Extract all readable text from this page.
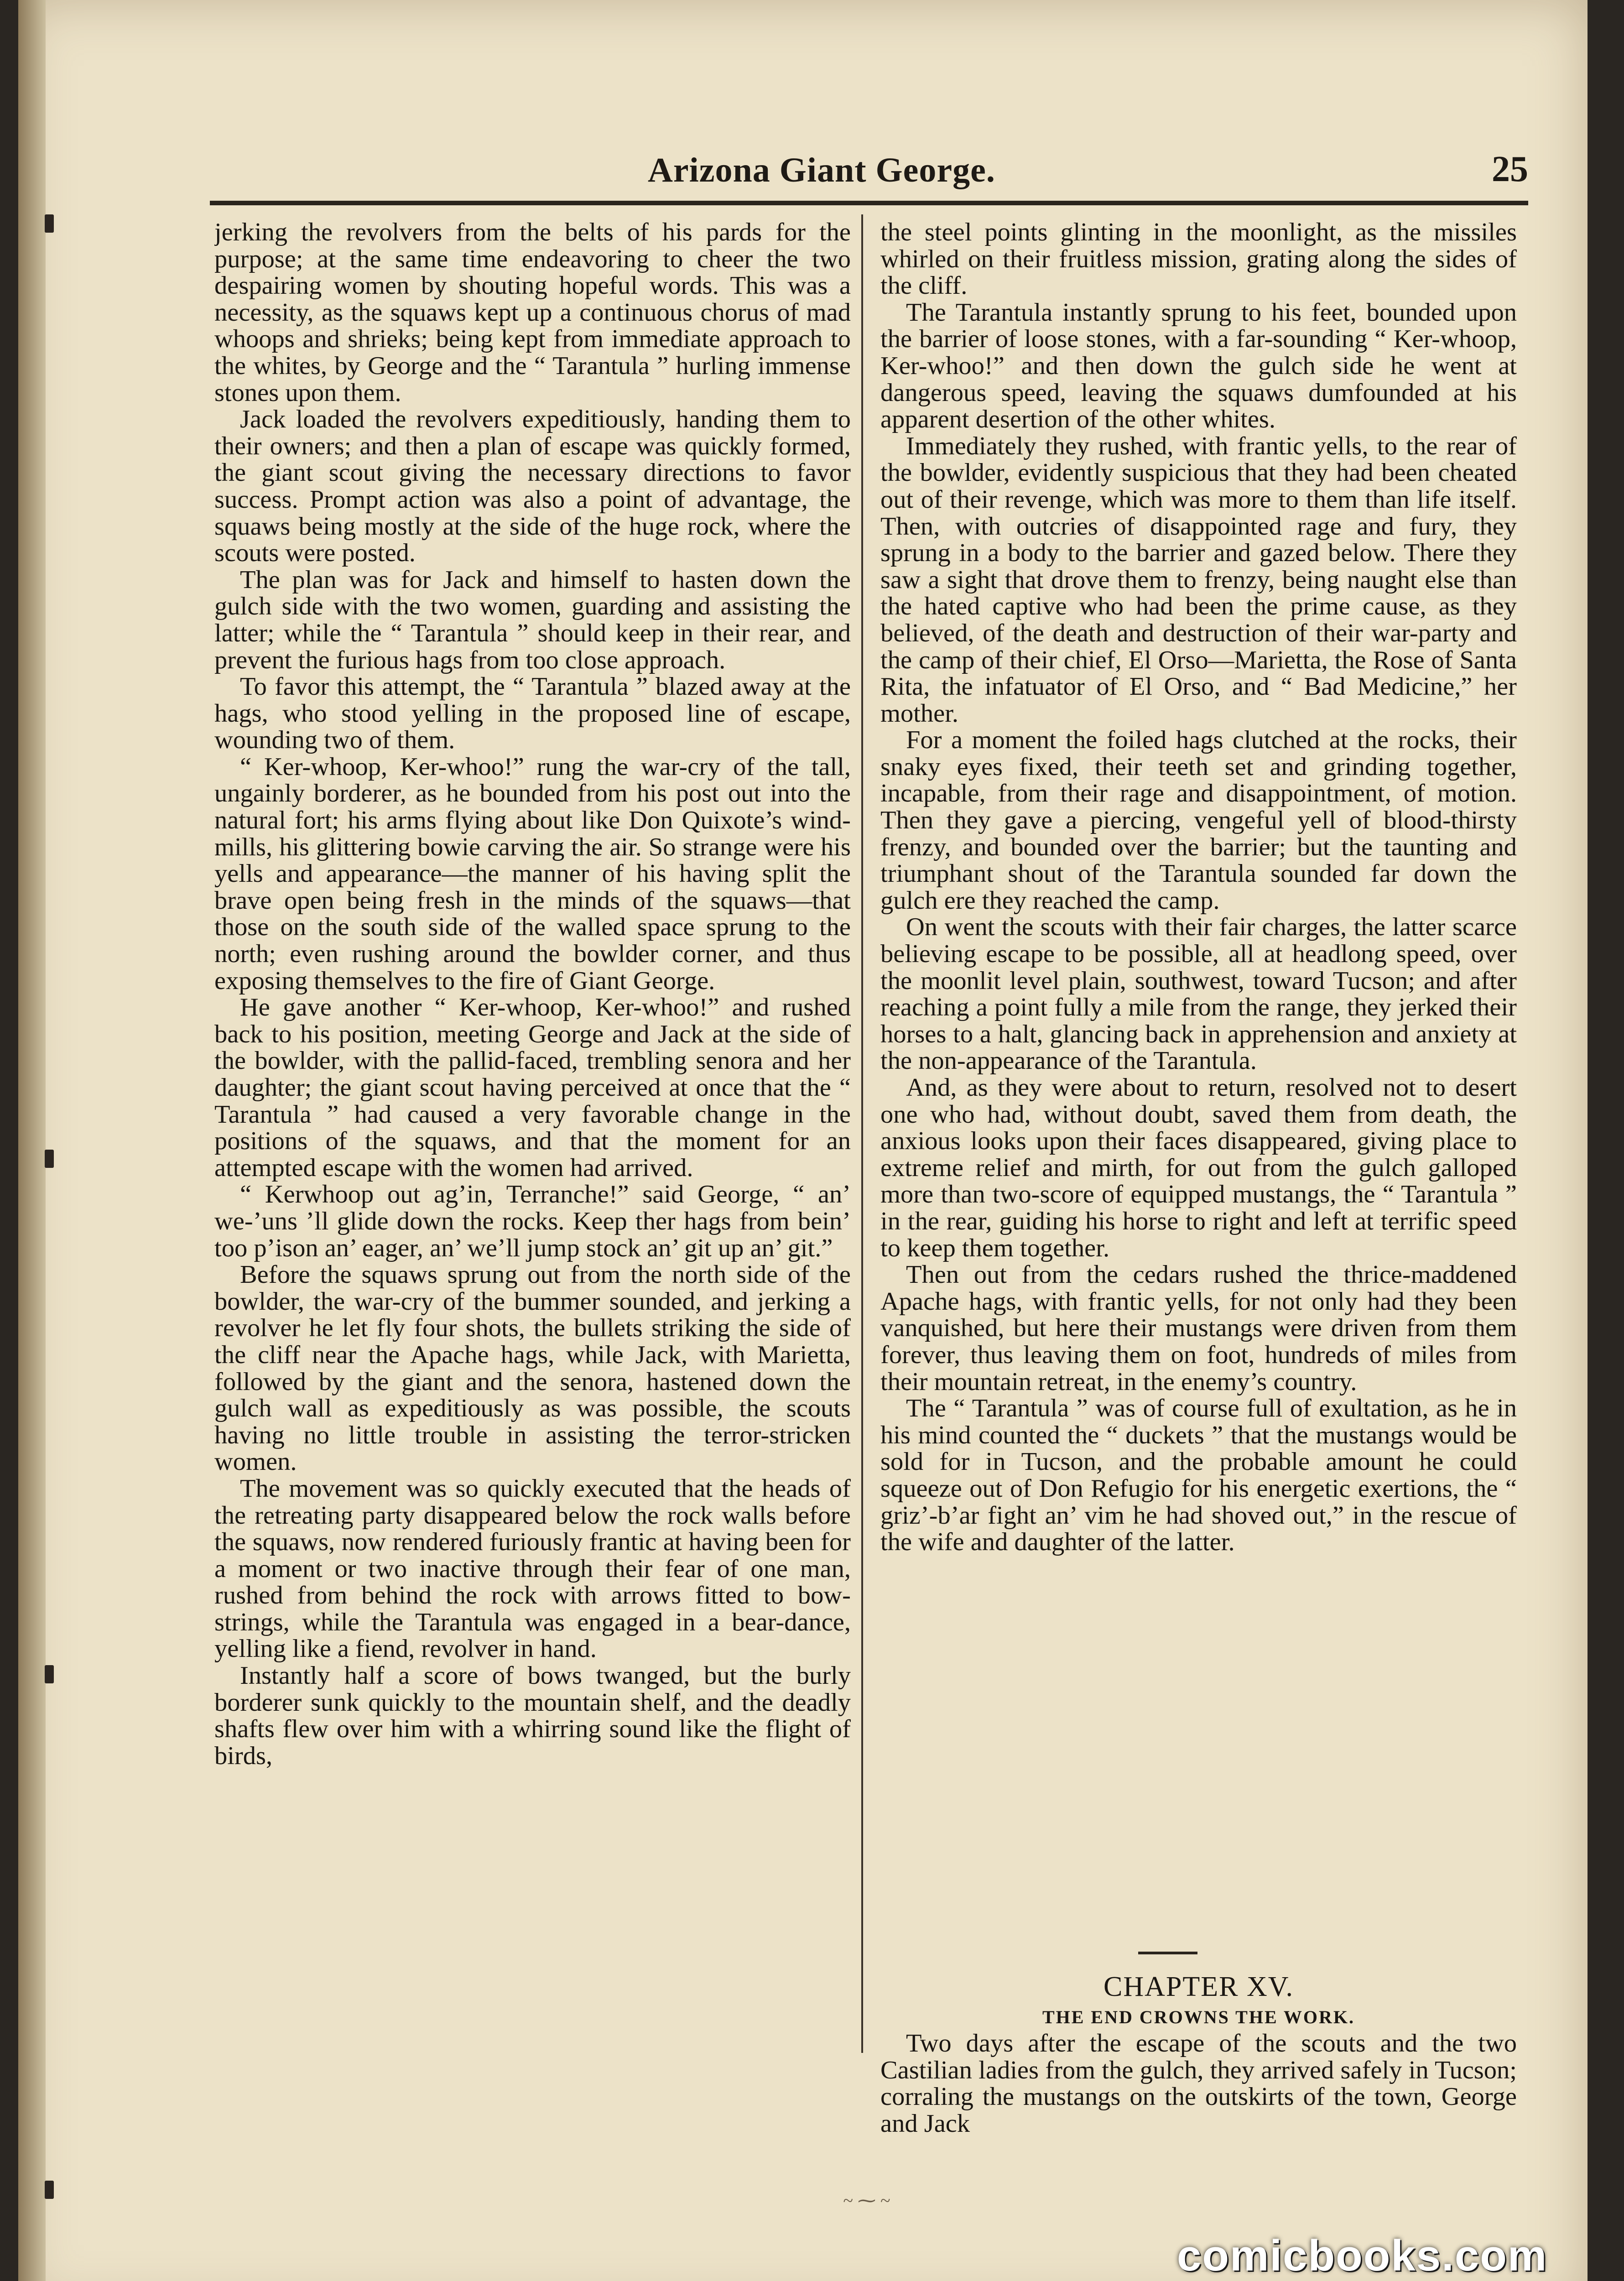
Arizona Giant George.	25

jerking the revolvers from the belts of his pards for the purpose; at the same time endeavoring to cheer the two despairing women by shouting hopeful words. This was a necessity, as the squaws kept up a continuous chorus of mad whoops and shrieks; being kept from immediate approach to the whites, by George and the “ Tarantula ” hurling immense stones upon them.

Jack loaded the revolvers expeditiously, handing them to their owners; and then a plan of escape was quickly formed, the giant scout giving the necessary directions to favor success. Prompt action was also a point of advantage, the squaws being mostly at the side of the huge rock, where the scouts were posted.

The plan was for Jack and himself to hasten down the gulch side with the two women, guarding and assisting the latter; while the “ Tarantula ” should keep in their rear, and prevent the furious hags from too close approach.

To favor this attempt, the “ Tarantula ” blazed away at the hags, who stood yelling in the proposed line of escape, wounding two of them.

“ Ker-whoop, Ker-whoo!” rung the war-cry of the tall, ungainly borderer, as he bounded from his post out into the natural fort; his arms flying about like Don Quixote’s wind-mills, his glittering bowie carving the air. So strange were his yells and appearance—the manner of his having split the brave open being fresh in the minds of the squaws—that those on the south side of the walled space sprung to the north; even rushing around the bowlder corner, and thus exposing themselves to the fire of Giant George.

He gave another “ Ker-whoop, Ker-whoo!” and rushed back to his position, meeting George and Jack at the side of the bowlder, with the pallid-faced, trembling senora and her daughter; the giant scout having perceived at once that the “ Tarantula ” had caused a very favorable change in the positions of the squaws, and that the moment for an attempted escape with the women had arrived.

“ Kerwhoop out ag’in, Terranche!” said George, “ an’ we-’uns ’ll glide down the rocks. Keep ther hags from bein’ too p’ison an’ eager, an’ we’ll jump stock an’ git up an’ git.”

Before the squaws sprung out from the north side of the bowlder, the war-cry of the bummer sounded, and jerking a revolver he let fly four shots, the bullets striking the side of the cliff near the Apache hags, while Jack, with Marietta, followed by the giant and the senora, hastened down the gulch wall as expeditiously as was possible, the scouts having no little trouble in assisting the terror-stricken women.

The movement was so quickly executed that the heads of the retreating party disappeared below the rock walls before the squaws, now rendered furiously frantic at having been for a moment or two inactive through their fear of one man, rushed from behind the rock with arrows fitted to bow-strings, while the Tarantula was engaged in a bear-dance, yelling like a fiend, revolver in hand.

Instantly half a score of bows twanged, but the burly borderer sunk quickly to the mountain shelf, and the deadly shafts flew over him with a whirring sound like the flight of birds,

the steel points glinting in the moonlight, as the missiles whirled on their fruitless mission, grating along the sides of the cliff.

The Tarantula instantly sprung to his feet, bounded upon the barrier of loose stones, with a far-sounding “ Ker-whoop, Ker-whoo!” and then down the gulch side he went at dangerous speed, leaving the squaws dumfounded at his apparent desertion of the other whites.

Immediately they rushed, with frantic yells, to the rear of the bowlder, evidently suspicious that they had been cheated out of their revenge, which was more to them than life itself. Then, with outcries of disappointed rage and fury, they sprung in a body to the barrier and gazed below. There they saw a sight that drove them to frenzy, being naught else than the hated captive who had been the prime cause, as they believed, of the death and destruction of their war-party and the camp of their chief, El Orso—Marietta, the Rose of Santa Rita, the infatuator of El Orso, and “ Bad Medicine,” her mother.

For a moment the foiled hags clutched at the rocks, their snaky eyes fixed, their teeth set and grinding together, incapable, from their rage and disappointment, of motion. Then they gave a piercing, vengeful yell of blood-thirsty frenzy, and bounded over the barrier; but the taunting and triumphant shout of the Tarantula sounded far down the gulch ere they reached the camp.

On went the scouts with their fair charges, the latter scarce believing escape to be possible, all at headlong speed, over the moonlit level plain, southwest, toward Tucson; and after reaching a point fully a mile from the range, they jerked their horses to a halt, glancing back in apprehension and anxiety at the non-appearance of the Tarantula.

And, as they were about to return, resolved not to desert one who had, without doubt, saved them from death, the anxious looks upon their faces disappeared, giving place to extreme relief and mirth, for out from the gulch galloped more than two-score of equipped mustangs, the “ Tarantula ” in the rear, guiding his horse to right and left at terrific speed to keep them together.

Then out from the cedars rushed the thrice-maddened Apache hags, with frantic yells, for not only had they been vanquished, but here their mustangs were driven from them forever, thus leaving them on foot, hundreds of miles from their mountain retreat, in the enemy’s country.

The “ Tarantula ” was of course full of exultation, as he in his mind counted the “ duckets ” that the mustangs would be sold for in Tucson, and the probable amount he could squeeze out of Don Refugio for his energetic exertions, the “ griz’-b’ar fight an’ vim he had shoved out,” in the rescue of the wife and daughter of the latter.

CHAPTER XV.
THE END CROWNS THE WORK.
Two days after the escape of the scouts and the two Castilian ladies from the gulch, they arrived safely in Tucson; corraling the mustangs on the outskirts of the town, George and Jack
~ ⁓ ~
comicbooks.com
